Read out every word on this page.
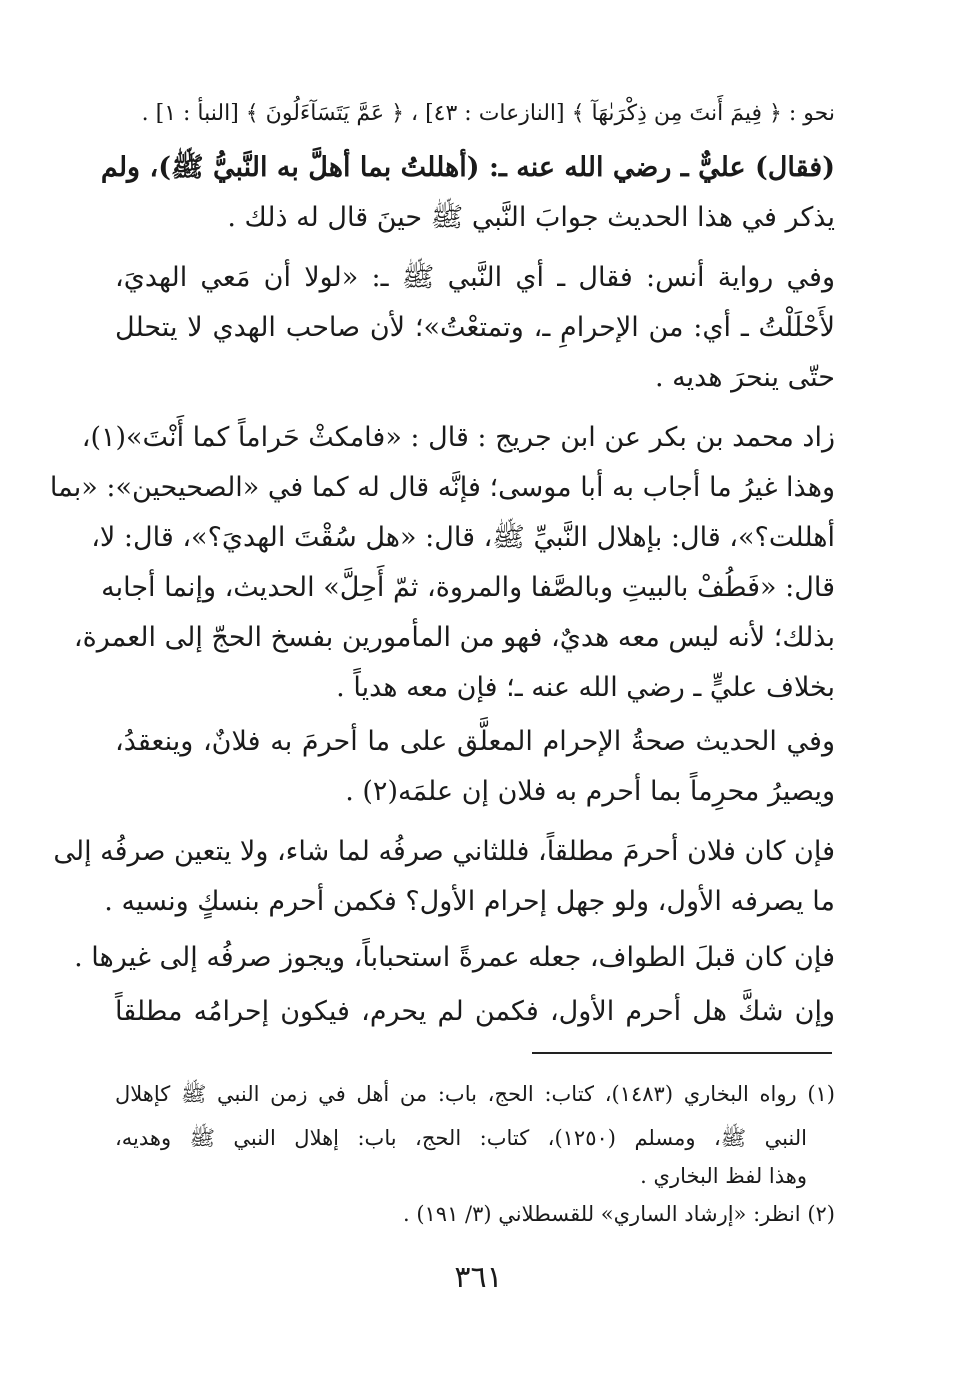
نحو : ﴿ فِيمَ أَنتَ مِن ذِكْرَىٰهَآ ﴾ [النازعات : ٤٣] ، ﴿ عَمَّ يَتَسَآءَلُونَ ﴾ [النبأ : ١] .
(فقال) عليٌّ ـ رضي الله عنه ـ: (أهللتُ بما أهلَّ به النَّبيُّ ﷺ)، ولم
يذكر في هذا الحديث جوابَ النَّبي ﷺ حينَ قال له ذلك .
وفي رواية أنس: فقال ـ أي النَّبي ﷺ ـ: «لولا أن مَعي الهديَ،
لأَحْلَلْتُ ـ أي: من الإحرامِ ـ، وتمتعْتُ»؛ لأن صاحب الهدي لا يتحلل
حتّى ينحرَ هديه .
زاد محمد بن بكر عن ابن جريج : قال : «فامكثْ حَراماً كما أَنْتَ»(١)،
وهذا غيرُ ما أجاب به أبا موسى؛ فإنَّه قال له كما في «الصحيحين»: «بما
أهللت؟»، قال: بإهلال النَّبيِّ ﷺ، قال: «هل سُقْتَ الهديَ؟»، قال: لا،
قال: «فَطُفْ بالبيتِ وبالصَّفا والمروة، ثمّ أَحِلَّ» الحديث، وإنما أجابه
بذلك؛ لأنه ليس معه هديٌ، فهو من المأمورين بفسخ الحجّ إلى العمرة،
بخلاف عليٍّ ـ رضي الله عنه ـ؛ فإن معه هدياً .
وفي الحديث صحةُ الإحرام المعلَّق على ما أحرمَ به فلانٌ، وينعقدُ،
ويصيرُ محرِماً بما أحرم به فلان إن علمَه(٢) .
فإن كان فلان أحرمَ مطلقاً، فللثاني صرفُه لما شاء، ولا يتعين صرفُه إلى
ما يصرفه الأول، ولو جهل إحرام الأول؟ فكمن أحرم بنسكٍ ونسيه .
فإن كان قبلَ الطواف، جعله عمرةً استحباباً، ويجوز صرفُه إلى غيرها .
وإن شكَّ هل أحرم الأول، فكمن لم يحرم، فيكون إحرامُه مطلقاً
(١) رواه البخاري (١٤٨٣)، كتاب: الحج، باب: من أهل في زمن النبي ﷺ كإهلال
النبي ﷺ، ومسلم (١٢٥٠)، كتاب: الحج، باب: إهلال النبي ﷺ وهديه،
وهذا لفظ البخاري .
(٢) انظر: «إرشاد الساري» للقسطلاني (٣/ ١٩١) .
٣٦١
